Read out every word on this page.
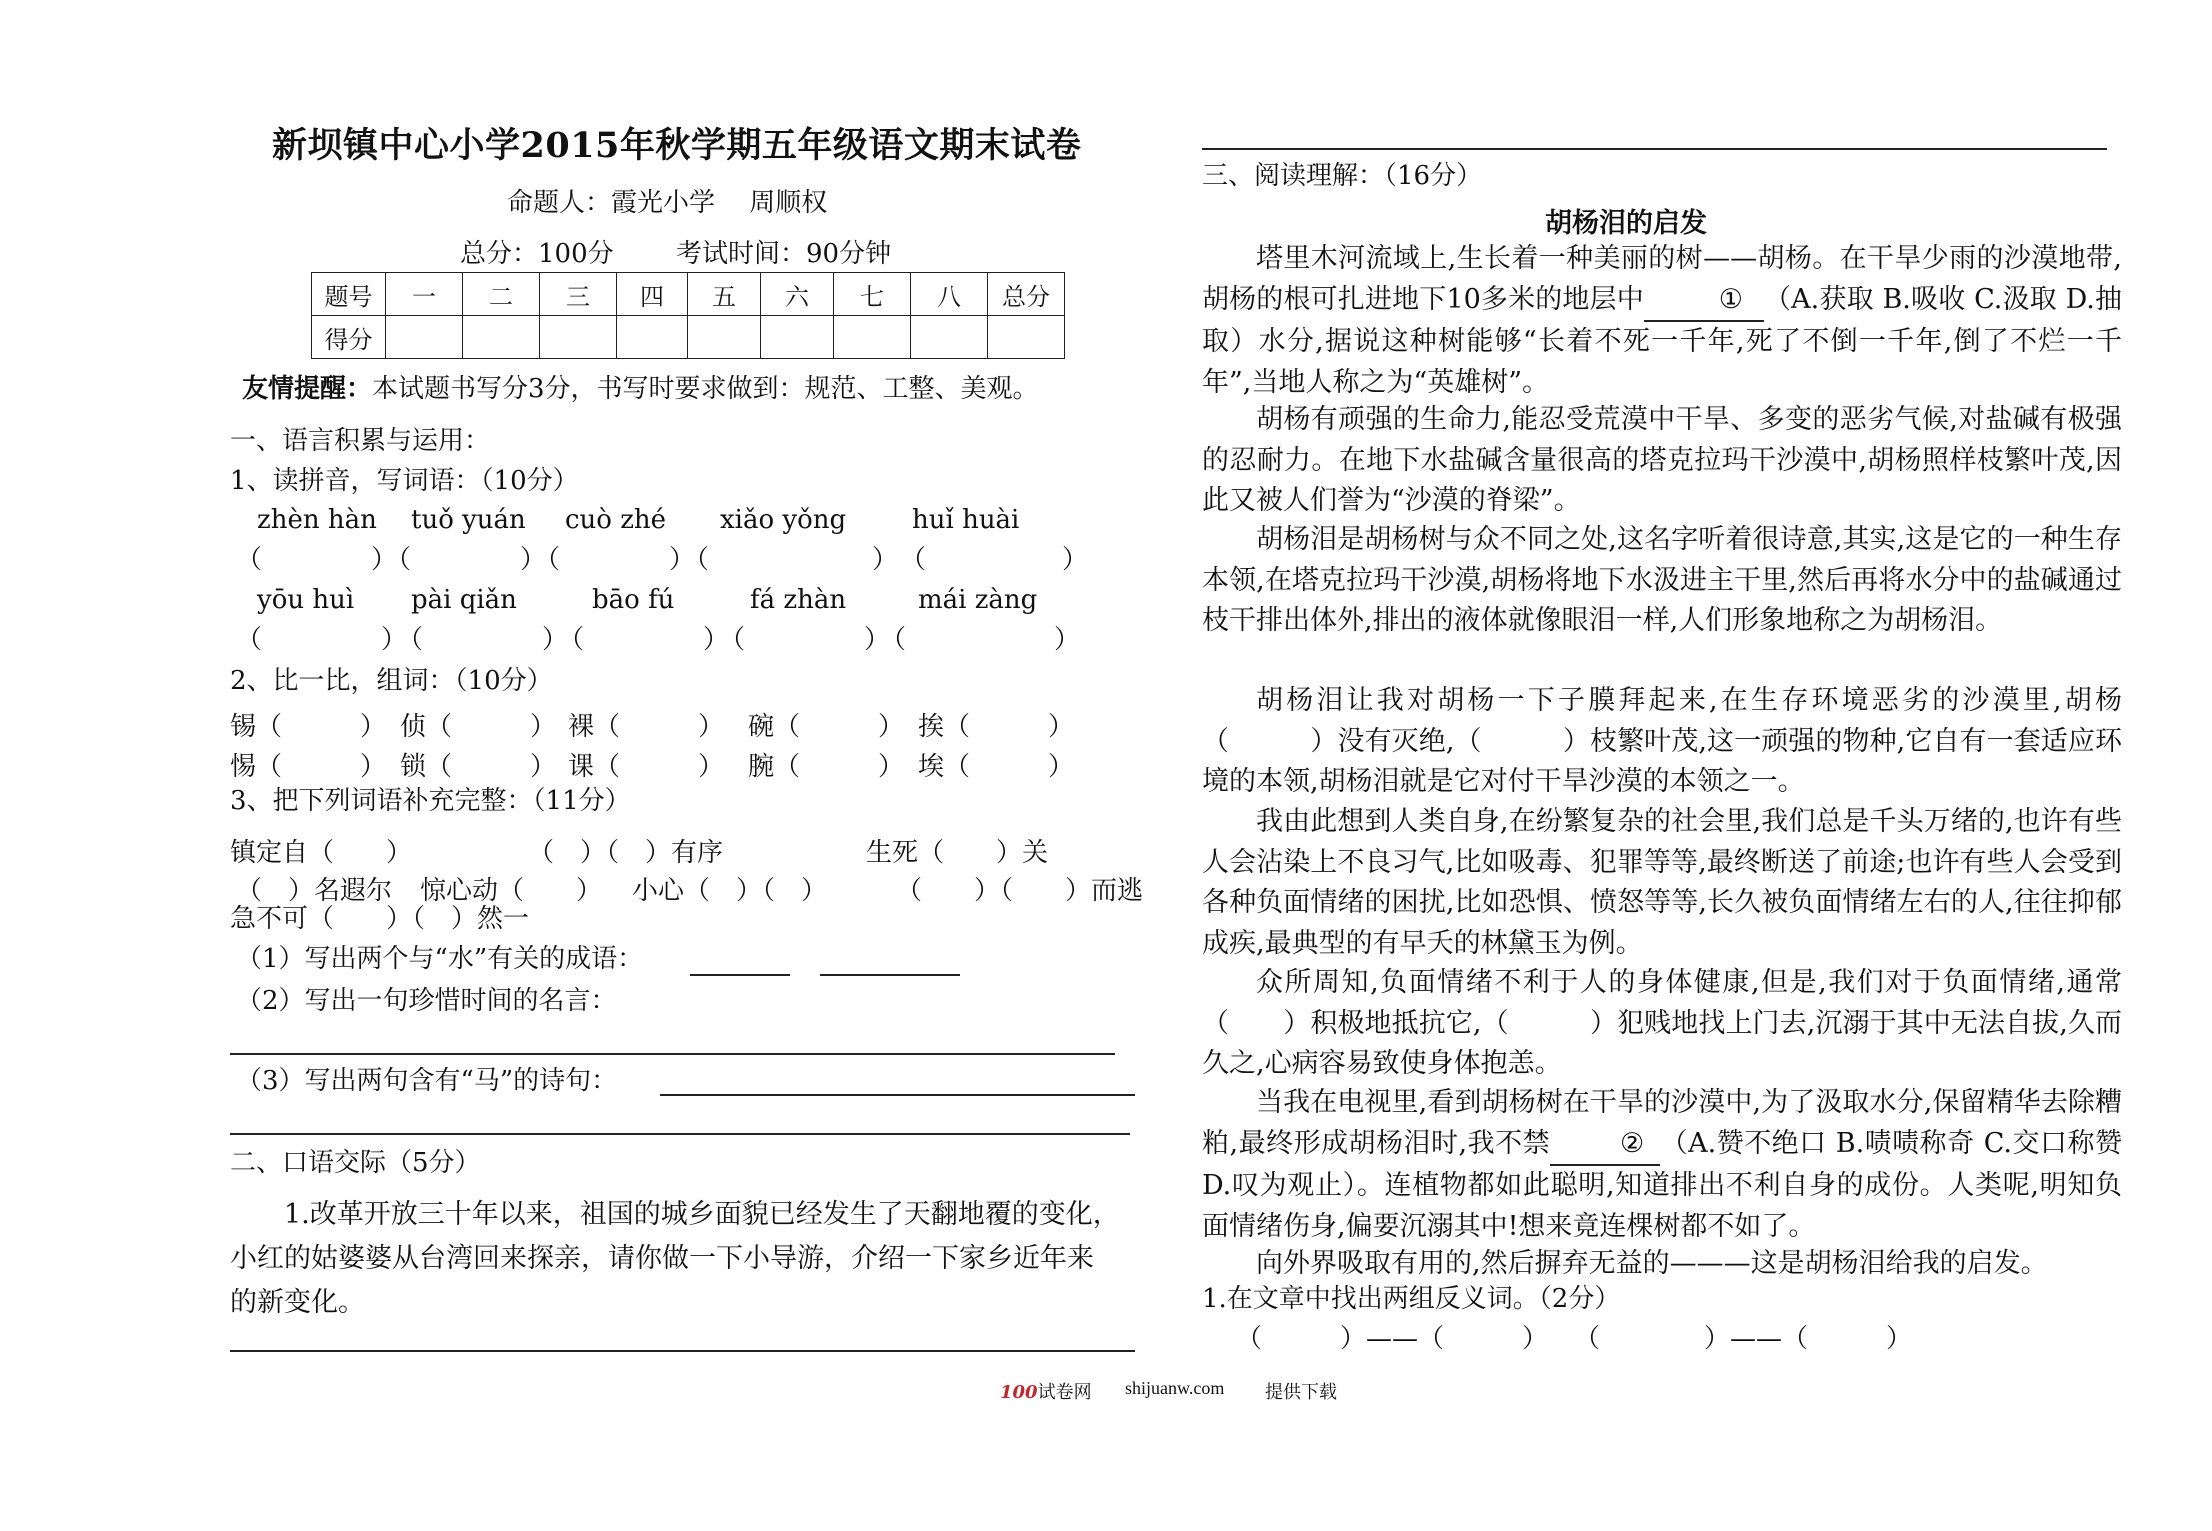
新坝镇中心小学2015年秋学期五年级语文期末试卷
命题人：霞光小学　 周顺权
总分：100分 考试时间：90分钟
题号	一	二	三	四	五	六	七	八	总分
得分									
友情提醒：本试题书写分3分，书写时要求做到：规范、工整、美观。
一、语言积累与运用：
1、读拼音，写词语：（10分）
zhèn hàn tuǒ yuán cuò zhé xiǎo yǒng	huǐ huài
（　　　　）（　　　　）（　　　　）（　　　　　　）　（　　　　　）
yōu huì pài qiǎn	bāo fú	fá zhàn	mái zàng
（　　　　）（　　　　）（　　　　）（　　　　）（　　　　　）
2、比一比，组词：（10分）
锡（　　　） 侦（　　　） 裸（　　　） 碗（　　　） 挨（　　　）
惕（　　　） 锁（　　　） 课（　　　） 腕（　　　） 埃（　　　）
3、把下列词语补充完整：（11分）
镇定自（　　）	（　）（　）有序	生死（　　）关
（　）名遐尔 惊心动（　　） 小心（　）（　）	（　　）（　　）而逃
急不可（　　）（　）然一
（1）写出两个与“水”有关的成语：
（2）写出一句珍惜时间的名言：
（3）写出两句含有“马”的诗句：
二、口语交际（5分）
1.改革开放三十年以来，祖国的城乡面貌已经发生了天翻地覆的变化，
小红的姑婆婆从台湾回来探亲，请你做一下小导游，介绍一下家乡近年来
的新变化。
三、阅读理解：（16分）
胡杨泪的启发
塔里木河流域上,生长着一种美丽的树——胡杨。在干旱少雨的沙漠地带,胡杨的根可扎进地下10多米的地层中	① （A.获取 B.吸收 C.汲取 D.抽取）水分,据说这种树能够“长着不死一千年,死了不倒一千年,倒了不烂一千年”,当地人称之为“英雄树”。
胡杨有顽强的生命力,能忍受荒漠中干旱、多变的恶劣气候,对盐碱有极强的忍耐力。在地下水盐碱含量很高的塔克拉玛干沙漠中,胡杨照样枝繁叶茂,因此又被人们誉为“沙漠的脊梁”。
胡杨泪是胡杨树与众不同之处,这名字听着很诗意,其实,这是它的一种生存本领,在塔克拉玛干沙漠,胡杨将地下水汲进主干里,然后再将水分中的盐碱通过枝干排出体外,排出的液体就像眼泪一样,人们形象地称之为胡杨泪。
胡杨泪让我对胡杨一下子膜拜起来,在生存环境恶劣的沙漠里,胡杨（　　　）没有灭绝,（　　　）枝繁叶茂,这一顽强的物种,它自有一套适应环境的本领,胡杨泪就是它对付干旱沙漠的本领之一。
我由此想到人类自身,在纷繁复杂的社会里,我们总是千头万绪的,也许有些人会沾染上不良习气,比如吸毒、犯罪等等,最终断送了前途;也许有些人会受到各种负面情绪的困扰,比如恐惧、愤怒等等,长久被负面情绪左右的人,往往抑郁成疾,最典型的有早夭的林黛玉为例。
众所周知,负面情绪不利于人的身体健康,但是,我们对于负面情绪,通常（　　）积极地抵抗它,（　　　）犯贱地找上门去,沉溺于其中无法自拔,久而久之,心病容易致使身体抱恙。
当我在电视里,看到胡杨树在干旱的沙漠中,为了汲取水分,保留精华去除糟粕,最终形成胡杨泪时,我不禁	② （A.赞不绝口 B.啧啧称奇 C.交口称赞 D.叹为观止）。连植物都如此聪明,知道排出不利自身的成份。人类呢,明知负面情绪伤身,偏要沉溺其中!想来竟连棵树都不如了。
向外界吸取有用的,然后摒弃无益的———这是胡杨泪给我的启发。
1.在文章中找出两组反义词。（2分）
（　　　）——（　　　）　　（　　　　）——（　　　）
100试卷网 shijuanw.com 提供下载
